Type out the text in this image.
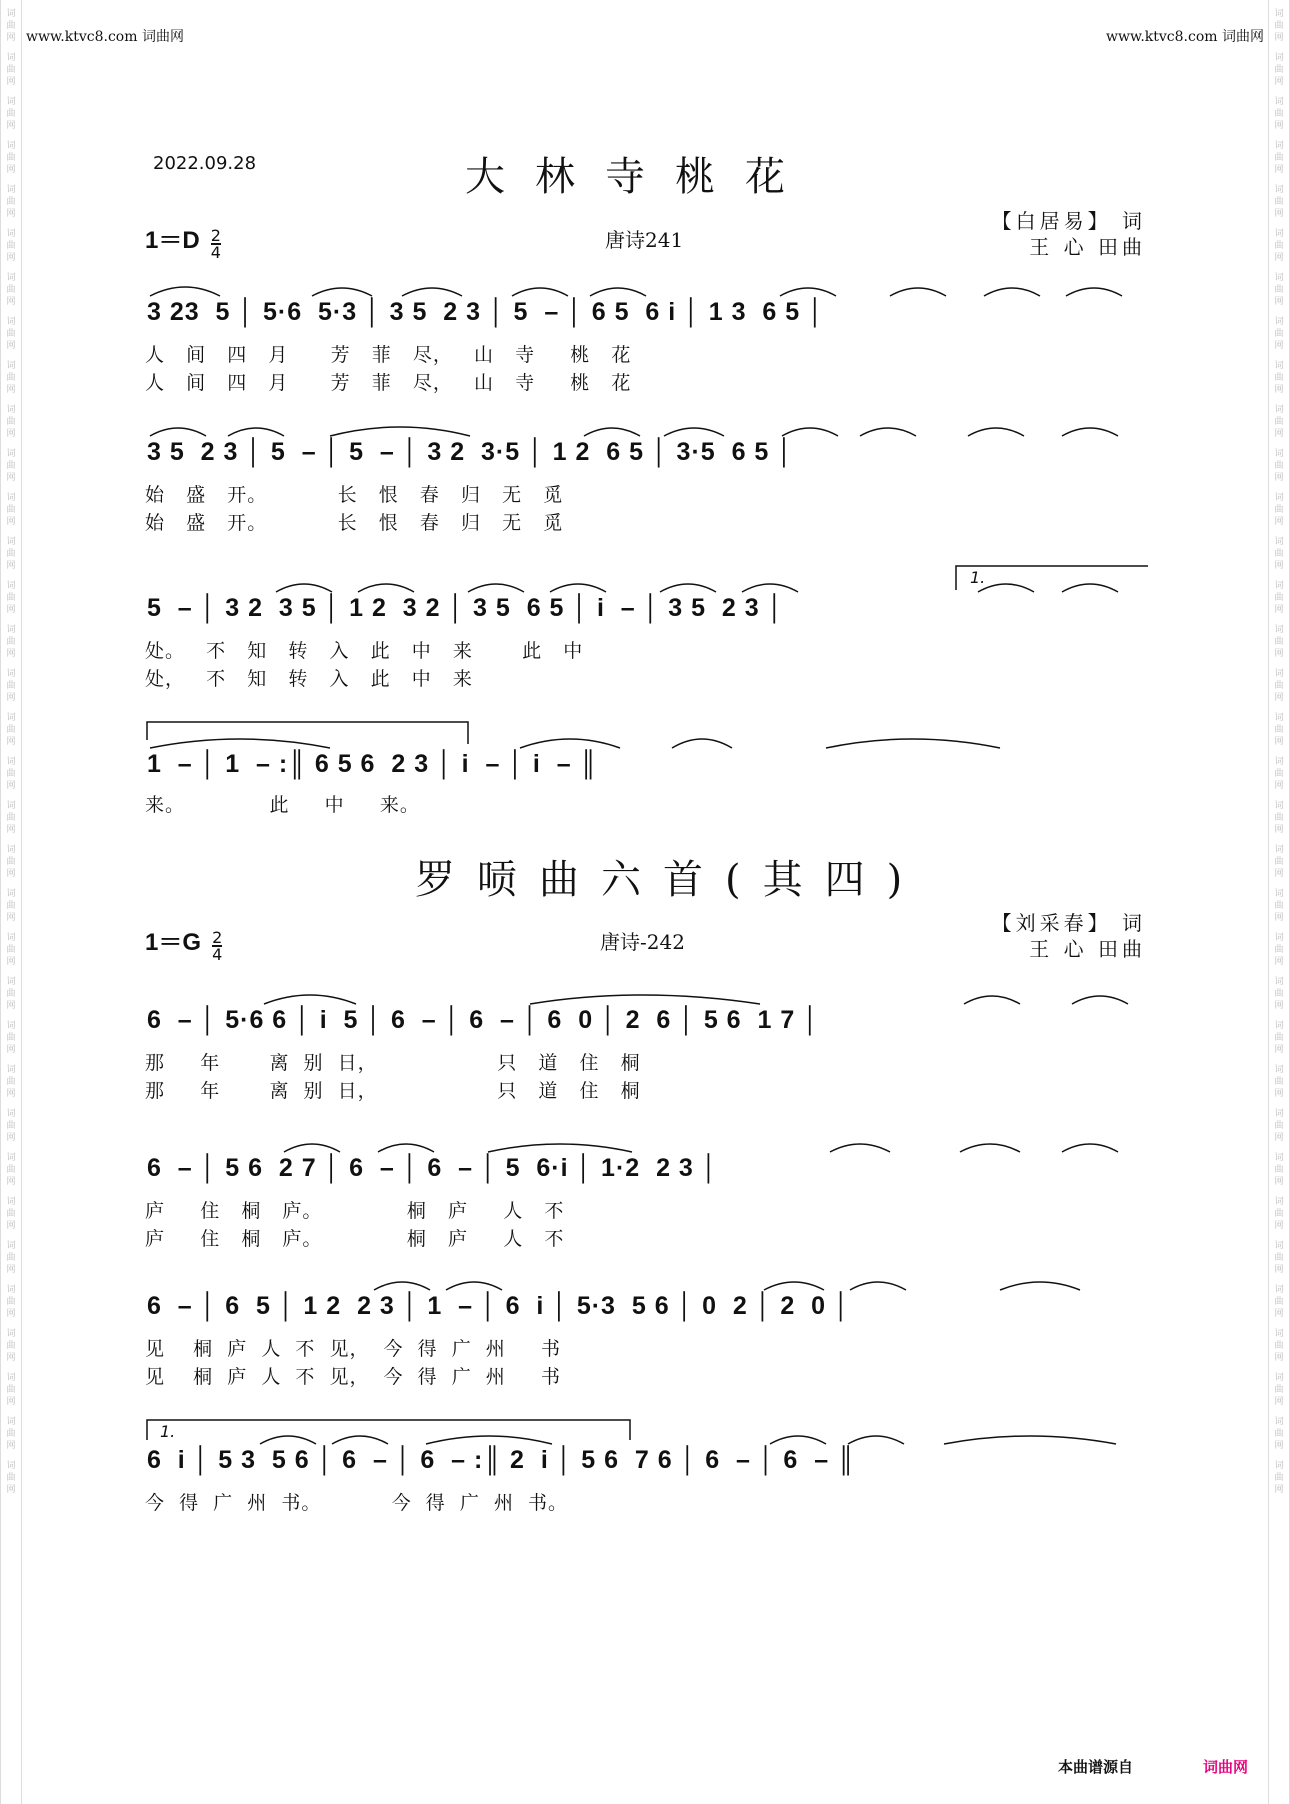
词 曲 网
词 曲 网
词 曲 网
词 曲 网
词 曲 网
词 曲 网
词 曲 网
词 曲 网
词 曲 网
词 曲 网
词 曲 网
词 曲 网
词 曲 网
词 曲 网
词 曲 网
词 曲 网
词 曲 网
词 曲 网
词 曲 网
词 曲 网
词 曲 网
词 曲 网
词 曲 网
词 曲 网
词 曲 网
词 曲 网
词 曲 网
词 曲 网
词 曲 网
词 曲 网
词 曲 网
词 曲 网
词 曲 网
词 曲 网
词 曲 网
词 曲 网
词 曲 网
词 曲 网
词 曲 网
词 曲 网
词 曲 网
词 曲 网
词 曲 网
词 曲 网
词 曲 网
词 曲 网
词 曲 网
词 曲 网
词 曲 网
词 曲 网
词 曲 网
词 曲 网
词 曲 网
词 曲 网
词 曲 网
词 曲 网
词 曲 网
词 曲 网
词 曲 网
词 曲 网
词 曲 网
词 曲 网
词 曲 网
词 曲 网
词 曲 网
词 曲 网
词 曲 网
词 曲 网
www.ktvc8.com 词曲网	www.ktvc8.com 词曲网
2022.09.28	大林寺桃花
$1=D \frac{2}{4}$	唐诗241
【白居易】 词
王 心 田曲
3 23  5 │ 5·6  5·3 │ 3 5  2 3 │ 5  – │ 6 5  6 i │ 1 3  6 5 │
人   间   四   月      芳   菲   尽，   山   寺     桃   花
人   间   四   月      芳   菲   尽，   山   寺     桃   花
3 5  2 3 │ 5  – │ 5  – │ 3 2  3·5 │ 1 2  6 5 │ 3·5  6 5 │
始   盛   开。          长   恨   春   归   无   觅
始   盛   开。          长   恨   春   归   无   觅
1.
5  – │ 3 2  3 5 │ 1 2  3 2 │ 3 5  6 5 │ i  – │ 3 5  2 3 │
处。   不   知   转   入   此   中   来       此   中
处，   不   知   转   入   此   中   来
1  – │ 1  – :║ 6 5 6  2 3 │ i  – │ i  – ║
来。            此     中     来。
罗唝曲六首(其四)
$1=G \frac{2}{4}$	唐诗-242
【刘采春】 词
王 心 田曲
6  – │ 5·6 6 │ i  5 │ 6  – │ 6  – │ 6  0 │ 2  6 │ 5 6  1 7 │
那     年       离  别  日，                 只   道   住   桐
那     年       离  别  日，                 只   道   住   桐
6  – │ 5 6  2 7 │ 6  – │ 6  – │ 5  6·i │ 1·2  2 3 │
庐     住   桐   庐。            桐   庐     人   不
庐     住   桐   庐。            桐   庐     人   不
6  – │ 6  5 │ 1 2  2 3 │ 1  – │ 6  i │ 5·3  5 6 │ 0  2 │ 2  0 │
见    桐  庐  人  不  见，  今  得  广  州     书
见    桐  庐  人  不  见，  今  得  广  州     书
1.
6  i │ 5 3  5 6 │ 6  – │ 6  – :║ 2  i │ 5 6  7 6 │ 6  – │ 6  – ║
今  得  广  州  书。          今  得  广  州  书。
本曲谱源自	词曲网
